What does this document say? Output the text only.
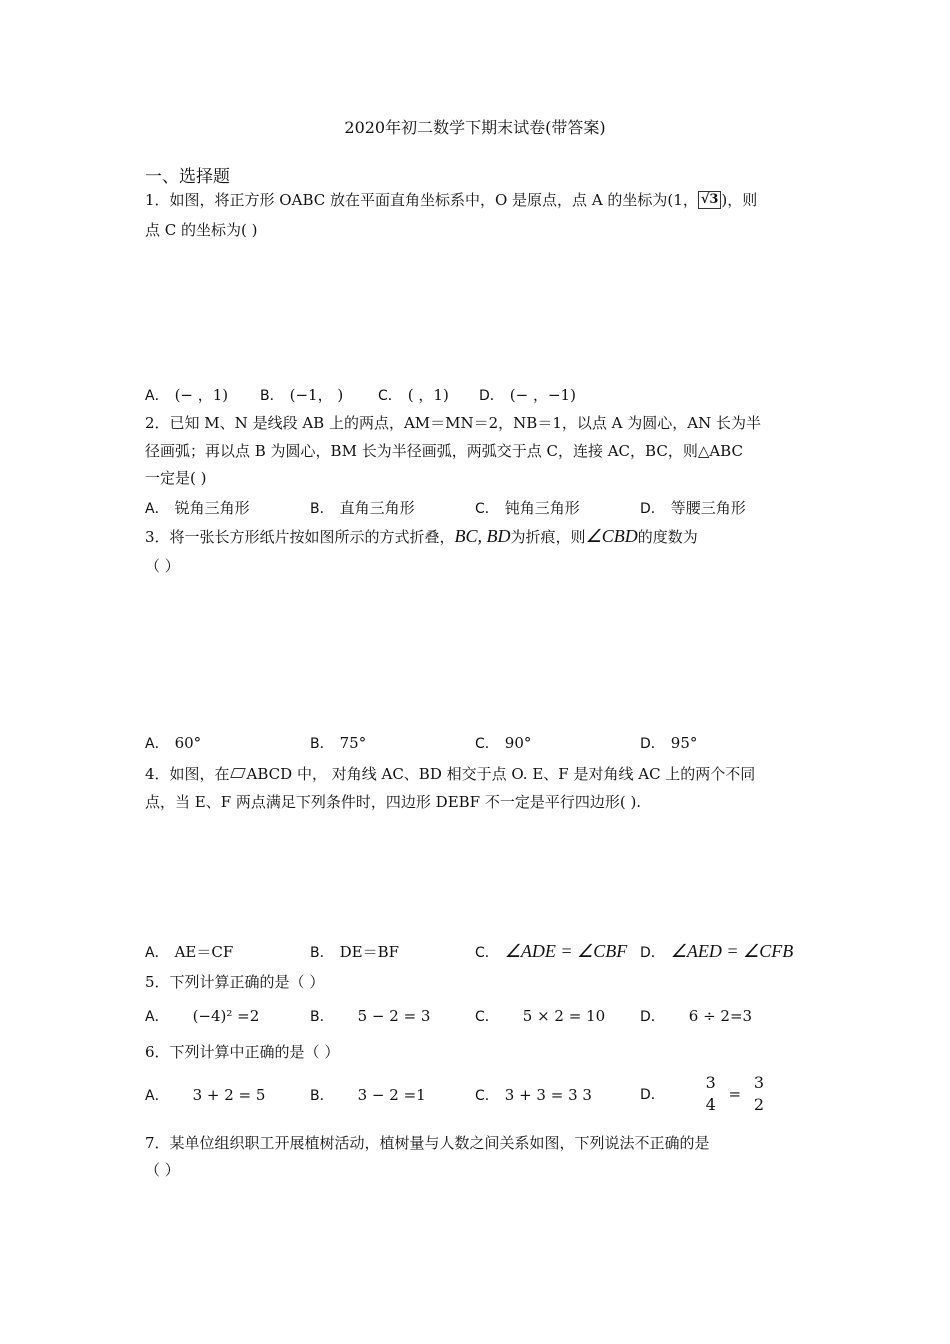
2020年初二数学下期末试卷(带答案)
一、选择题
1．如图，将正方形 OABC 放在平面直角坐标系中，O 是原点，点 A 的坐标为(1， √3 )，则
点 C 的坐标为( )
A． (− ，1) B． (−1， ) C． ( ，1) D． (− ，−1)
2．已知 M、N 是线段 AB 上的两点，AM＝MN＝2，NB＝1，以点 A 为圆心，AN 长为半
径画弧；再以点 B 为圆心，BM 长为半径画弧，两弧交于点 C，连接 AC，BC，则△ABC
一定是( )
A． 锐角三角形	B． 直角三角形	C． 钝角三角形	D． 等腰三角形
3．将一张长方形纸片按如图所示的方式折叠，BC, BD为折痕，则∠CBD的度数为
（ ）
A． 60°	B． 75°	C． 90°	D． 95°
4．如图，在 ABCD 中， 对角线 AC、BD 相交于点 O. E、F 是对角线 AC 上的两个不同
点，当 E、F 两点满足下列条件时，四边形 DEBF 不一定是平行四边形( ).
A． AE＝CF	B． DE＝BF	C． ∠ADE = ∠CBF D． ∠AED = ∠CFB
5．下列计算正确的是（ ）
A． (−4)² =2	B． 5 − 2 = 3	C． 5 × 2 = 10 D． 6 ÷ 2=3
6．下列计算中正确的是（ ）
A． 3 + 2 = 5	B． 3 − 2 =1	C． 3 + 3 = 3 3	D．
3
4
=
3
2
7．某单位组织职工开展植树活动，植树量与人数之间关系如图，下列说法不正确的是
（ ）
